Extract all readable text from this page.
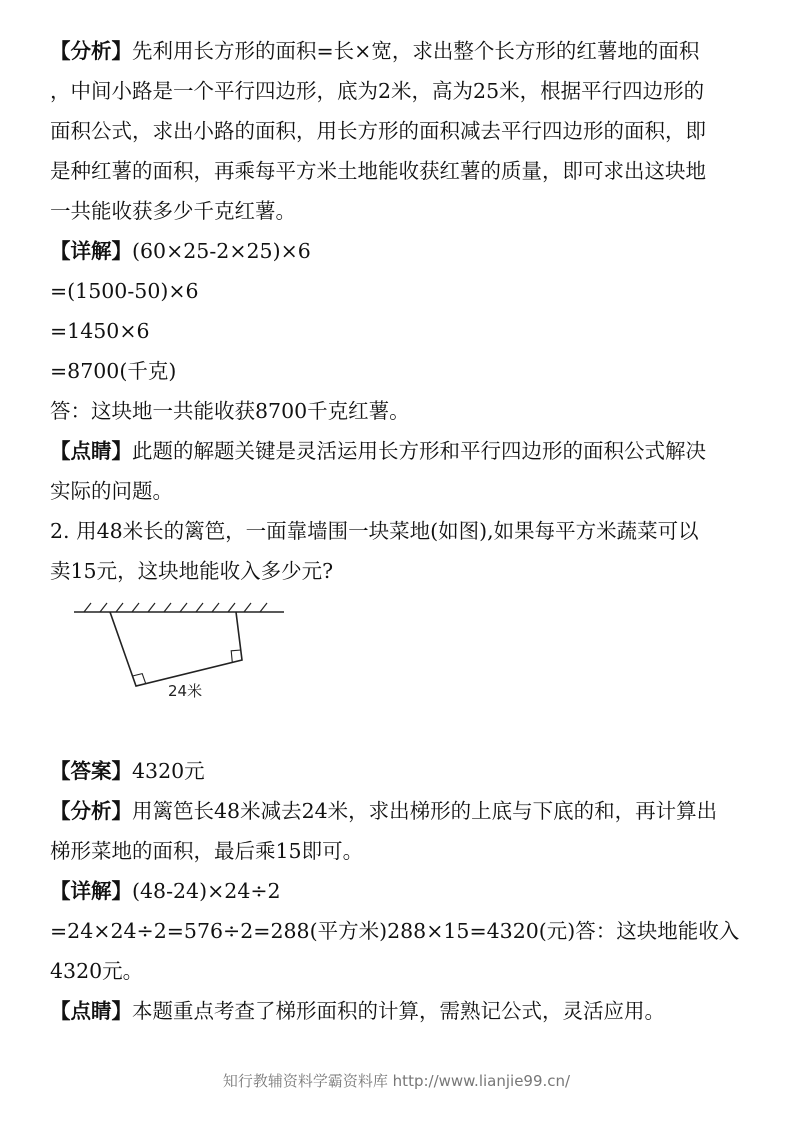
【分析】先利用长方形的面积=长×宽，求出整个长方形的红薯地的面积
，中间小路是一个平行四边形，底为2米，高为25米，根据平行四边形的
面积公式，求出小路的面积，用长方形的面积减去平行四边形的面积，即
是种红薯的面积，再乘每平方米土地能收获红薯的质量，即可求出这块地
一共能收获多少千克红薯。
【详解】(60×25-2×25)×6
=(1500-50)×6
=1450×6
=8700(千克)
答：这块地一共能收获8700千克红薯。
【点睛】此题的解题关键是灵活运用长方形和平行四边形的面积公式解决
实际的问题。
2. 用48米长的篱笆，一面靠墙围一块菜地(如图),如果每平方米蔬菜可以
卖15元，这块地能收入多少元?
24米
【答案】4320元
【分析】用篱笆长48米减去24米，求出梯形的上底与下底的和，再计算出
梯形菜地的面积，最后乘15即可。
【详解】(48-24)×24÷2
=24×24÷2=576÷2=288(平方米)288×15=4320(元)答：这块地能收入
4320元。
【点睛】本题重点考查了梯形面积的计算，需熟记公式，灵活应用。
知行教辅资料学霸资料库 http://www.lianjie99.cn/
